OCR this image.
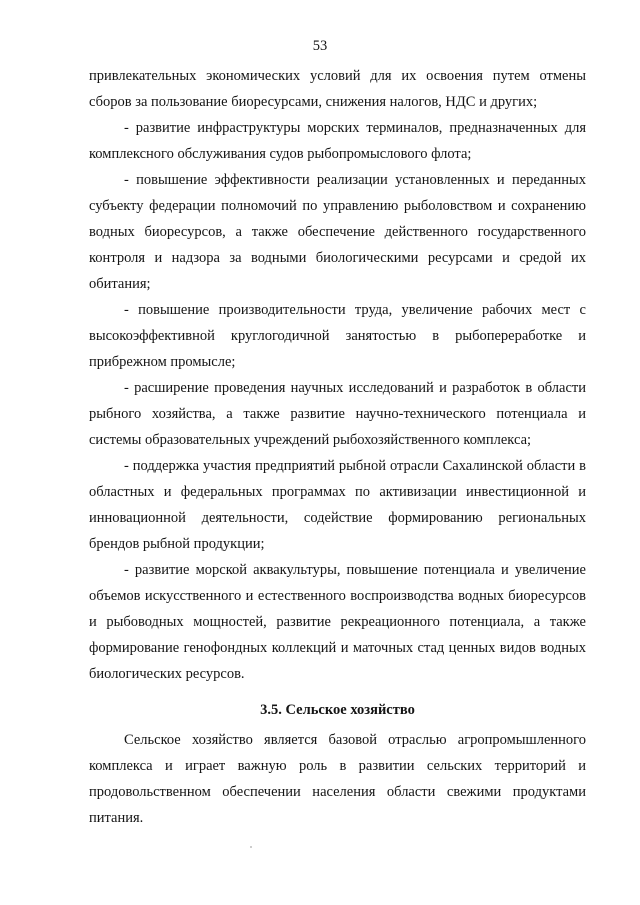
53

привлекательных экономических условий для их освоения путем отмены сборов за пользование биоресурсами, снижения налогов, НДС и других;

- развитие инфраструктуры морских терминалов, предназначенных для комплексного обслуживания судов рыбопромыслового флота;

- повышение эффективности реализации установленных и переданных субъекту федерации полномочий по управлению рыболовством и сохранению водных биоресурсов, а также обеспечение действенного государственного контроля и надзора за водными биологическими ресурсами и средой их обитания;

- повышение производительности труда, увеличение рабочих мест с высокоэффективной круглогодичной занятостью в рыбопереработке и прибрежном промысле;

- расширение проведения научных исследований и разработок в области рыбного хозяйства, а также развитие научно-технического потенциала и системы образовательных учреждений рыбохозяйственного комплекса;

- поддержка участия предприятий рыбной отрасли Сахалинской области в областных и федеральных программах по активизации инвестиционной и инновационной деятельности, содействие формированию региональных брендов рыбной продукции;

- развитие морской аквакультуры, повышение потенциала и увеличение объемов искусственного и естественного воспроизводства водных биоресурсов и рыбоводных мощностей, развитие рекреационного потенциала, а также формирование генофондных коллекций и маточных стад ценных видов водных биологических ресурсов.

3.5. Сельское хозяйство

Сельское хозяйство является базовой отраслью агропромышленного комплекса и играет важную роль в развитии сельских территорий и продовольственном обеспечении населения области свежими продуктами питания.
